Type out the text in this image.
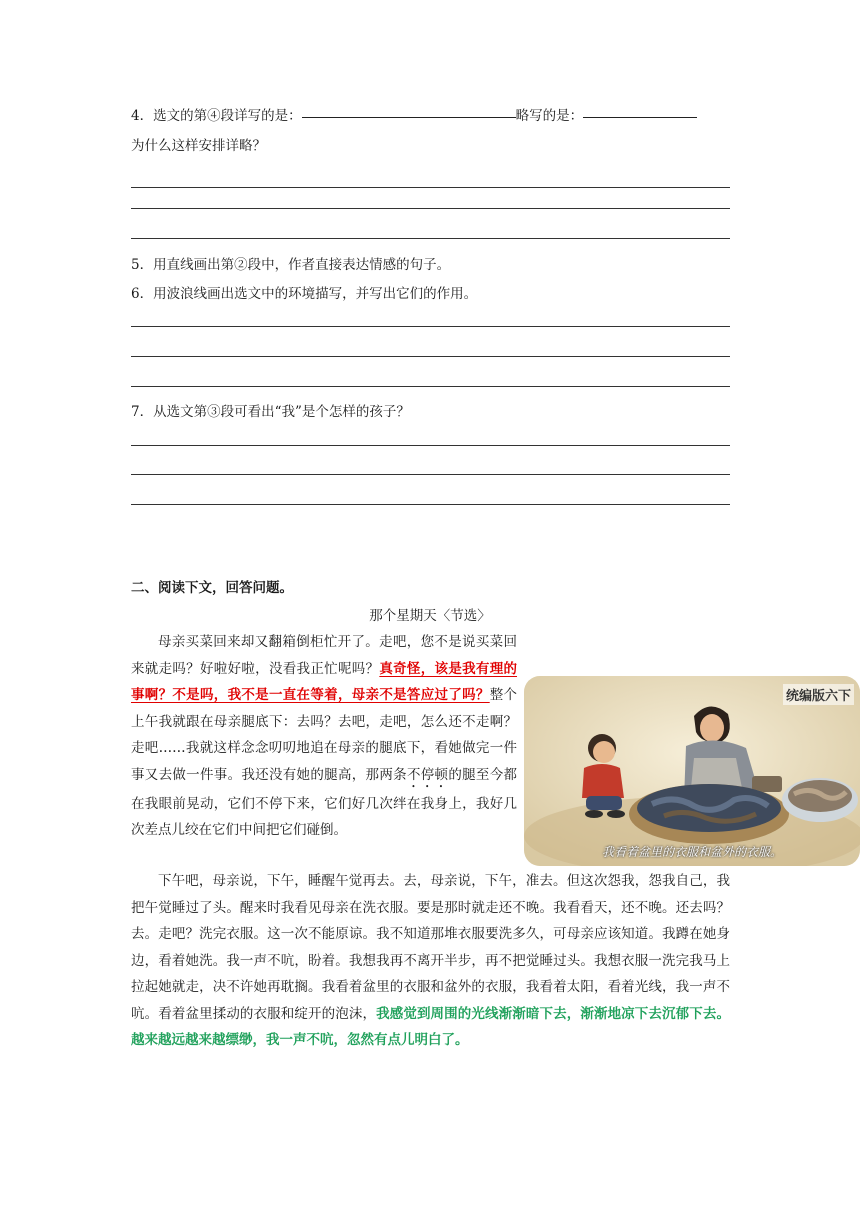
4．选文的第④段详写的是：	略写的是：
为什么这样安排详略？
5．用直线画出第②段中，作者直接表达情感的句子。
6．用波浪线画出选文中的环境描写，并写出它们的作用。
7．从选文第③段可看出“我”是个怎样的孩子？
二、阅读下文，回答问题。
那个星期天〈节选〉
母亲买菜回来却又翻箱倒柜忙开了。走吧，您不是说买菜回来就走吗？好啦好啦，没看我正忙呢吗？真奇怪，该是我有理的事啊？不是吗，我不是一直在等着，母亲不是答应过了吗？整个上午我就跟在母亲腿底下：去吗？去吧，走吧，怎么还不走啊？走吧……我就这样念念叨叨地追在母亲的腿底下，看她做完一件事又去做一件事。我还没有她的腿高，那两条不停顿的腿至今都在我眼前晃动，它们不停下来，它们好几次绊在我身上，我好几次差点儿绞在它们中间把它们碰倒。
统编版六下
我看着盆里的衣服和盆外的衣服。
下午吧，母亲说，下午，睡醒午觉再去。去，母亲说，下午，准去。但这次怨我，怨我自己，我把午觉睡过了头。醒来时我看见母亲在洗衣服。要是那时就走还不晚。我看看天，还不晚。还去吗？去。走吧？洗完衣服。这一次不能原谅。我不知道那堆衣服要洗多久，可母亲应该知道。我蹲在她身边，看着她洗。我一声不吭，盼着。我想我再不离开半步，再不把觉睡过头。我想衣服一洗完我马上拉起她就走，决不许她再耽搁。我看着盆里的衣服和盆外的衣服，我看着太阳，看着光线，我一声不吭。看着盆里揉动的衣服和绽开的泡沫，我感觉到周围的光线渐渐暗下去，渐渐地凉下去沉郁下去。越来越远越来越缥缈，我一声不吭，忽然有点儿明白了。
